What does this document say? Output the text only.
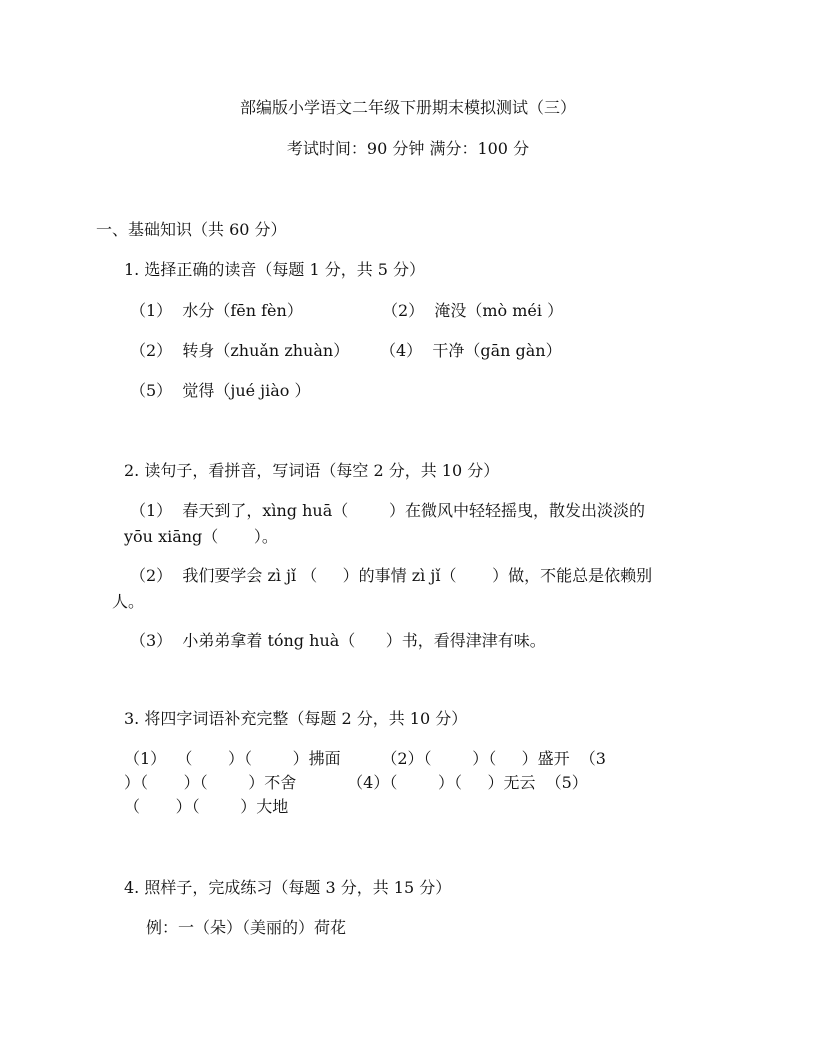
部编版小学语文二年级下册期末模拟测试（三）
考试时间：90 分钟 满分：100 分
一、基础知识（共 60 分）
1. 选择正确的读音（每题 1 分，共 5 分）
（1）  水分（fēn fèn）	（2）  淹没（mò méi ）
（2）  转身（zhuǎn zhuàn） （4）  干净（gān gàn）
（5）  觉得（jué jiào ）
2. 读句子，看拼音，写词语（每空 2 分，共 10 分）
（1）  春天到了，xìng huā（        ）在微风中轻轻摇曳，散发出淡淡的
yōu xiāng（       ）。
（2）  我们要学会 zì jǐ （     ）的事情 zì jǐ（       ）做，不能总是依赖别
人。
（3）  小弟弟拿着 tóng huà（      ）书，看得津津有味。
3. 将四字词语补充完整（每题 2 分，共 10 分）
（1）  （       ）（        ）拂面        （2）（        ）（     ）盛开  （3
）（       ）（        ）不舍          （4）（        ）（     ）无云  （5）
（       ）（        ）大地
4. 照样子，完成练习（每题 3 分，共 15 分）
例：一（朵）（美丽的）荷花
